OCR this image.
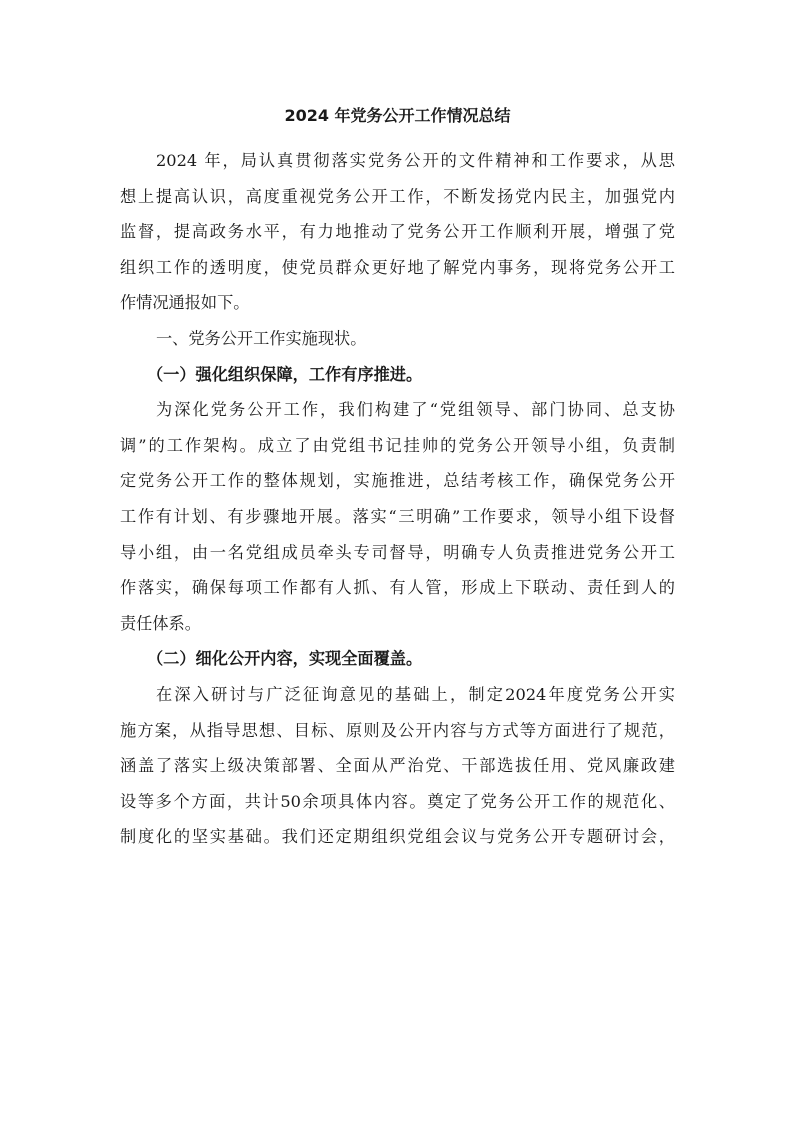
2024 年党务公开工作情况总结
2024 年，局认真贯彻落实党务公开的文件精神和工作要求，从思
想上提高认识，高度重视党务公开工作，不断发扬党内民主，加强党内
监督，提高政务水平，有力地推动了党务公开工作顺利开展，增强了党
组织工作的透明度，使党员群众更好地了解党内事务，现将党务公开工
作情况通报如下。
一、党务公开工作实施现状。
（一）强化组织保障，工作有序推进。
为深化党务公开工作，我们构建了“党组领导、部门协同、总支协
调”的工作架构。成立了由党组书记挂帅的党务公开领导小组，负责制
定党务公开工作的整体规划，实施推进，总结考核工作，确保党务公开
工作有计划、有步骤地开展。落实“三明确”工作要求，领导小组下设督
导小组，由一名党组成员牵头专司督导，明确专人负责推进党务公开工
作落实，确保每项工作都有人抓、有人管，形成上下联动、责任到人的
责任体系。
（二）细化公开内容，实现全面覆盖。
在深入研讨与广泛征询意见的基础上，制定2024年度党务公开实
施方案，从指导思想、目标、原则及公开内容与方式等方面进行了规范，
涵盖了落实上级决策部署、全面从严治党、干部选拔任用、党风廉政建
设等多个方面，共计50余项具体内容。奠定了党务公开工作的规范化、
制度化的坚实基础。我们还定期组织党组会议与党务公开专题研讨会，
